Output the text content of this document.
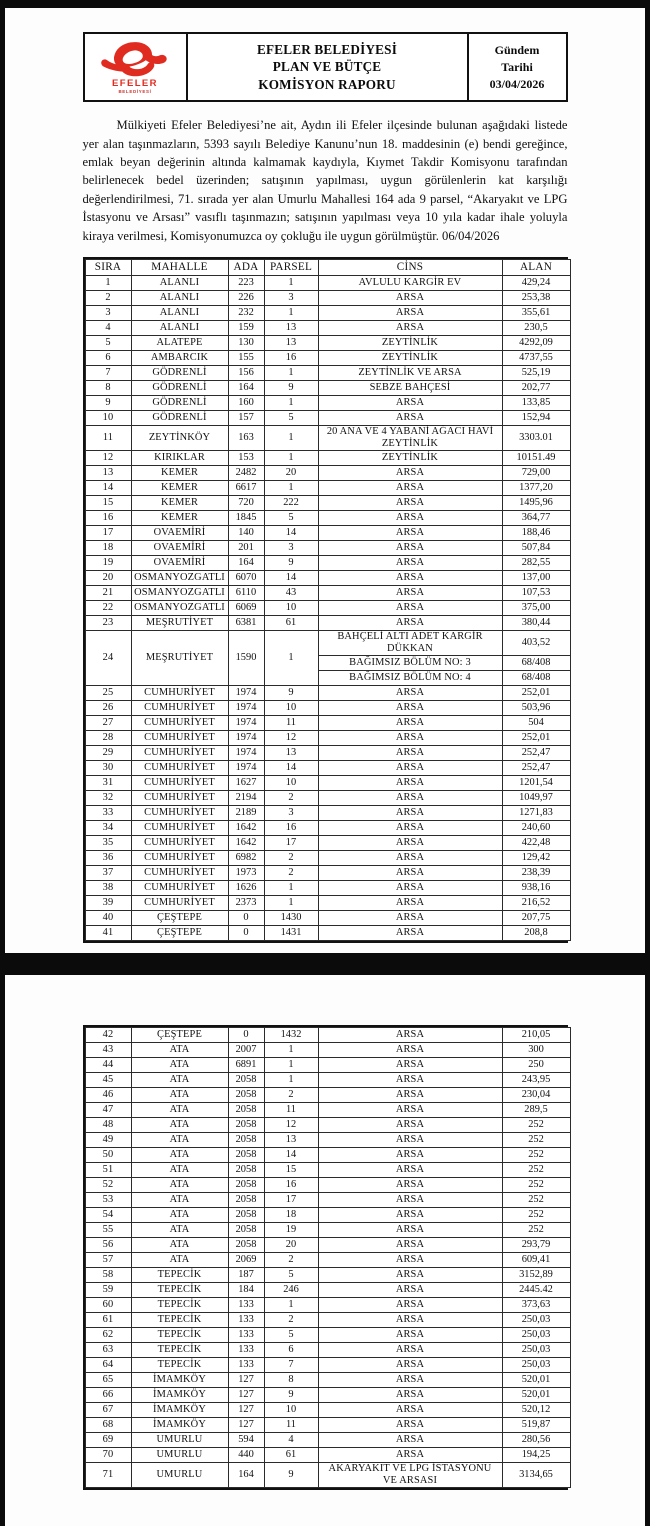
EFELER
BELEDİYESİ
EFELER BELEDİYESİ
PLAN VE BÜTÇE
KOMİSYON RAPORU
Gündem
Tarihi
03/04/2026

Mülkiyeti Efeler Belediyesi’ne ait, Aydın ili Efeler ilçesinde bulunan aşağıdaki listede yer alan taşınmazların, 5393 sayılı Belediye Kanunu’nun 18. maddesinin (e) bendi gereğince, emlak beyan değerinin altında kalmamak kaydıyla, Kıymet Takdir Komisyonu tarafından belirlenecek bedel üzerinden; satışının yapılması, uygun görülenlerin kat karşılığı değerlendirilmesi, 71. sırada yer alan Umurlu Mahallesi 164 ada 9 parsel, “Akaryakıt ve LPG İstasyonu ve Arsası” vasıflı taşınmazın; satışının yapılması veya 10 yıla kadar ihale yoluyla kiraya verilmesi, Komisyonumuzca oy çokluğu ile uygun görülmüştür. 06/04/2026

SIRA	MAHALLE	ADA	PARSEL	CİNS	ALAN
1	ALANLI	223	1	AVLULU KARGİR EV	429,24
2	ALANLI	226	3	ARSA	253,38
3	ALANLI	232	1	ARSA	355,61
4	ALANLI	159	13	ARSA	230,5
5	ALATEPE	130	13	ZEYTİNLİK	4292,09
6	AMBARCIK	155	16	ZEYTİNLİK	4737,55
7	GÖDRENLİ	156	1	ZEYTİNLİK VE ARSA	525,19
8	GÖDRENLİ	164	9	SEBZE BAHÇESİ	202,77
9	GÖDRENLİ	160	1	ARSA	133,85
10	GÖDRENLİ	157	5	ARSA	152,94
11	ZEYTİNKÖY	163	1	20 ANA VE 4 YABANİ AĞACI HAVİ ZEYTİNLİK	3303.01
12	KIRIKLAR	153	1	ZEYTİNLİK	10151.49
13	KEMER	2482	20	ARSA	729,00
14	KEMER	6617	1	ARSA	1377,20
15	KEMER	720	222	ARSA	1495,96
16	KEMER	1845	5	ARSA	364,77
17	OVAEMİRİ	140	14	ARSA	188,46
18	OVAEMİRİ	201	3	ARSA	507,84
19	OVAEMİRİ	164	9	ARSA	282,55
20	OSMANYOZGATLI	6070	14	ARSA	137,00
21	OSMANYOZGATLI	6110	43	ARSA	107,53
22	OSMANYOZGATLI	6069	10	ARSA	375,00
23	MEŞRUTİYET	6381	61	ARSA	380,44
24	MEŞRUTİYET	1590	1	BAHÇELİ ALTI ADET KARGİR DÜKKAN	403,52
				BAĞIMSIZ BÖLÜM NO: 3	68/408
				BAĞIMSIZ BÖLÜM NO: 4	68/408
25	CUMHURİYET	1974	9	ARSA	252,01
26	CUMHURİYET	1974	10	ARSA	503,96
27	CUMHURİYET	1974	11	ARSA	504
28	CUMHURİYET	1974	12	ARSA	252,01
29	CUMHURİYET	1974	13	ARSA	252,47
30	CUMHURİYET	1974	14	ARSA	252,47
31	CUMHURİYET	1627	10	ARSA	1201,54
32	CUMHURİYET	2194	2	ARSA	1049,97
33	CUMHURİYET	2189	3	ARSA	1271,83
34	CUMHURİYET	1642	16	ARSA	240,60
35	CUMHURİYET	1642	17	ARSA	422,48
36	CUMHURİYET	6982	2	ARSA	129,42
37	CUMHURİYET	1973	2	ARSA	238,39
38	CUMHURİYET	1626	1	ARSA	938,16
39	CUMHURİYET	2373	1	ARSA	216,52
40	ÇEŞTEPE	0	1430	ARSA	207,75
41	ÇEŞTEPE	0	1431	ARSA	208,8
42	ÇEŞTEPE	0	1432	ARSA	210,05
43	ATA	2007	1	ARSA	300
44	ATA	6891	1	ARSA	250
45	ATA	2058	1	ARSA	243,95
46	ATA	2058	2	ARSA	230,04
47	ATA	2058	11	ARSA	289,5
48	ATA	2058	12	ARSA	252
49	ATA	2058	13	ARSA	252
50	ATA	2058	14	ARSA	252
51	ATA	2058	15	ARSA	252
52	ATA	2058	16	ARSA	252
53	ATA	2058	17	ARSA	252
54	ATA	2058	18	ARSA	252
55	ATA	2058	19	ARSA	252
56	ATA	2058	20	ARSA	293,79
57	ATA	2069	2	ARSA	609,41
58	TEPECİK	187	5	ARSA	3152,89
59	TEPECİK	184	246	ARSA	2445.42
60	TEPECİK	133	1	ARSA	373,63
61	TEPECİK	133	2	ARSA	250,03
62	TEPECİK	133	5	ARSA	250,03
63	TEPECİK	133	6	ARSA	250,03
64	TEPECİK	133	7	ARSA	250,03
65	İMAMKÖY	127	8	ARSA	520,01
66	İMAMKÖY	127	9	ARSA	520,01
67	İMAMKÖY	127	10	ARSA	520,12
68	İMAMKÖY	127	11	ARSA	519,87
69	UMURLU	594	4	ARSA	280,56
70	UMURLU	440	61	ARSA	194,25
71	UMURLU	164	9	AKARYAKIT VE LPG İSTASYONU VE ARSASI	3134,65
